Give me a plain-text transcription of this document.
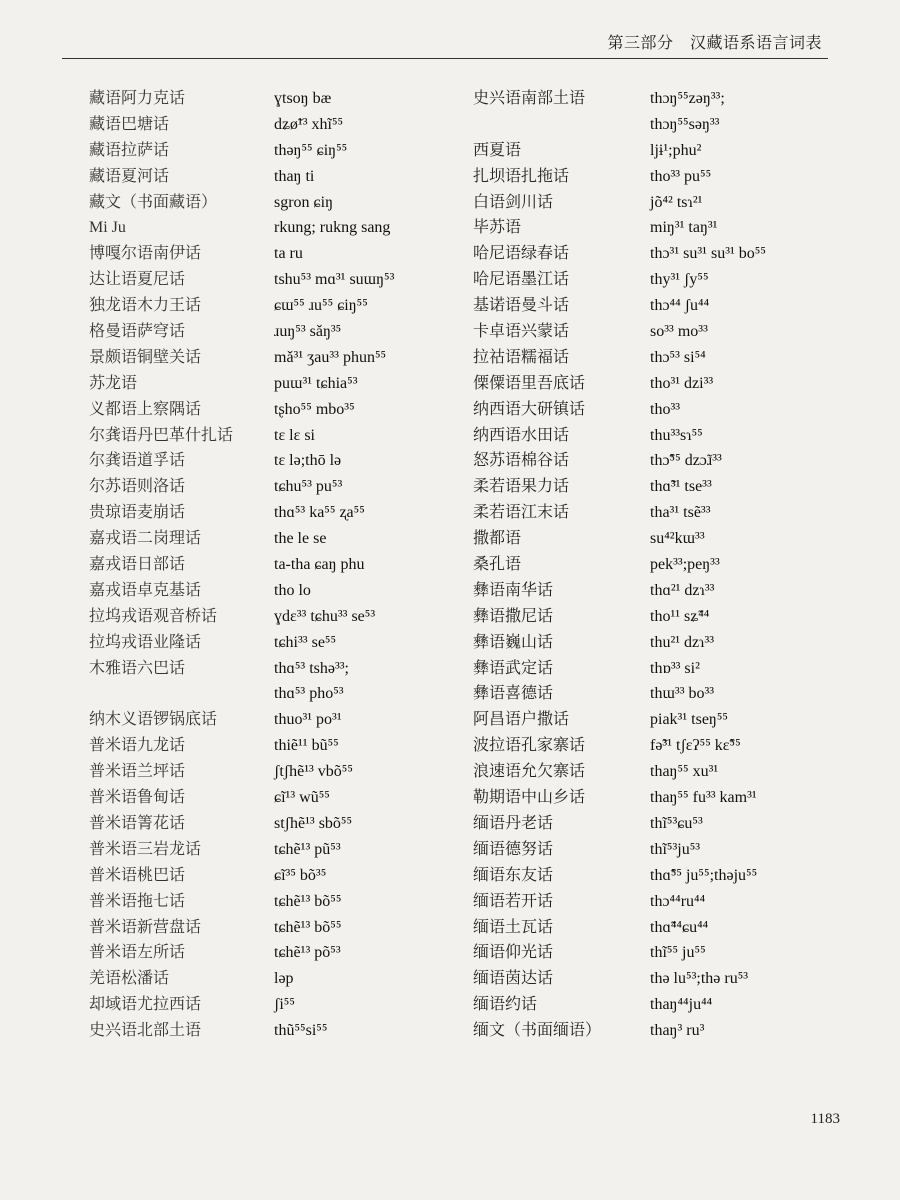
第三部分　汉藏语系语言词表
藏语阿力克话	ɣtsoŋ bæ
藏语巴塘话	dʑø̃¹³ xhĩ⁵⁵
藏语拉萨话	thəŋ⁵⁵ ɕiŋ⁵⁵
藏语夏河话	thaŋ ti
藏文（书面藏语）	sgron ɕiŋ
Mi Ju	rkung; rukng sang
博嘎尔语南伊话	ta ru
达让语夏尼话	tshu⁵³ mɑ³¹ suɯŋ⁵³
独龙语木力王话	ɕɯ⁵⁵ ɹu⁵⁵ ɕiŋ⁵⁵
格曼语萨穹话	ɹuŋ⁵³ sǎŋ³⁵
景颇语铜壁关话	mǎ³¹ ʒau³³ phun⁵⁵
苏龙语	puɯ³¹ tɕhia⁵³
义都语上察隅话	tʂho⁵⁵ mbo³⁵
尔龚语丹巴革什扎话	tɛ lɛ si
尔龚语道孚话	tɛ lə;thō lə
尔苏语则洛话	tɕhu⁵³ pu⁵³
贵琼语麦崩话	thɑ⁵³ ka⁵⁵ ʐa⁵⁵
嘉戎语二岗理话	the le se
嘉戎语日部话	ta-tha ɕaŋ phu
嘉戎语卓克基话	tho lo
拉坞戎语观音桥话	ɣdɛ³³ tɕhu³³ se⁵³
拉坞戎语业隆话	tɕhi³³ se⁵⁵
木雅语六巴话	thɑ⁵³ tshə³³;
thɑ⁵³ pho⁵³
纳木义语锣锅底话	thuo³¹ po³¹
普米语九龙话	thiẽ¹¹ bũ⁵⁵
普米语兰坪话	ʃtʃhẽ¹³ vbõ⁵⁵
普米语鲁甸话	ɕĩ¹³ wũ⁵⁵
普米语箐花话	stʃhẽ¹³ sbõ⁵⁵
普米语三岩龙话	tɕhẽ¹³ pũ⁵³
普米语桃巴话	ɕĩ³⁵ bõ³⁵
普米语拖七话	tɕhẽ¹³ bõ⁵⁵
普米语新营盘话	tɕhẽ¹³ bõ⁵⁵
普米语左所话	tɕhẽ¹³ põ⁵³
羌语松潘话	ləp
却域语尤拉西话	ʃi⁵⁵
史兴语北部土语	thũ⁵⁵si⁵⁵
史兴语南部土语	thɔŋ⁵⁵zəŋ³³;
thɔŋ⁵⁵səŋ³³
西夏语	ljɨ¹;phu²
扎坝语扎拖话	tho³³ pu⁵⁵
白语剑川话	jõ⁴² tsɿ²¹
毕苏语	miŋ³¹ taŋ³¹
哈尼语绿春话	thɔ³¹ su³¹ su³¹ bo⁵⁵
哈尼语墨江话	thy³¹ ʃy⁵⁵
基诺语曼斗话	thɔ⁴⁴ ʃu⁴⁴
卡卓语兴蒙话	so³³ mo³³
拉祜语糯福话	thɔ⁵³ si⁵⁴
傈僳语里吾底话	tho³¹ dzi³³
纳西语大研镇话	tho³³
纳西语水田话	thu³³sɿ⁵⁵
怒苏语棉谷话	thɔ̃⁵⁵ dzɔ̃ɹ³³
柔若语果力话	thɑ̃³¹ tse³³
柔若语江末话	tha³¹ tsẽ³³
撒都语	su⁴²kɯ³³
桑孔语	pek³³;peŋ³³
彝语南华话	thɑ²¹ dzɿ³³
彝语撒尼话	tho¹¹ sʑ̃⁴⁴
彝语巍山话	thu²¹ dzɿ³³
彝语武定话	thɒ³³ si²
彝语喜德话	thɯ³³ bo³³
阿昌语户撒话	piak³¹ tseŋ⁵⁵
波拉语孔家寨话	fə̃³¹ tʃɛʔ⁵⁵ kɛ̃⁵⁵
浪速语允欠寨话	thaŋ⁵⁵ xu³¹
勒期语中山乡话	thaŋ⁵⁵ fu³³ kam³¹
缅语丹老话	thĩ⁵³ɕu⁵³
缅语德努话	thĩ⁵³ju⁵³
缅语东友话	thɑ̃⁵⁵ ju⁵⁵;thəju⁵⁵
缅语若开话	thɔ⁴⁴ru⁴⁴
缅语土瓦话	thɑ̃⁴⁴ɕu⁴⁴
缅语仰光话	thĩ⁵⁵ ju⁵⁵
缅语茵达话	thə lu⁵³;thə ru⁵³
缅语约话	thaŋ⁴⁴ju⁴⁴
缅文（书面缅语）	thaŋ³ ru³
1183
